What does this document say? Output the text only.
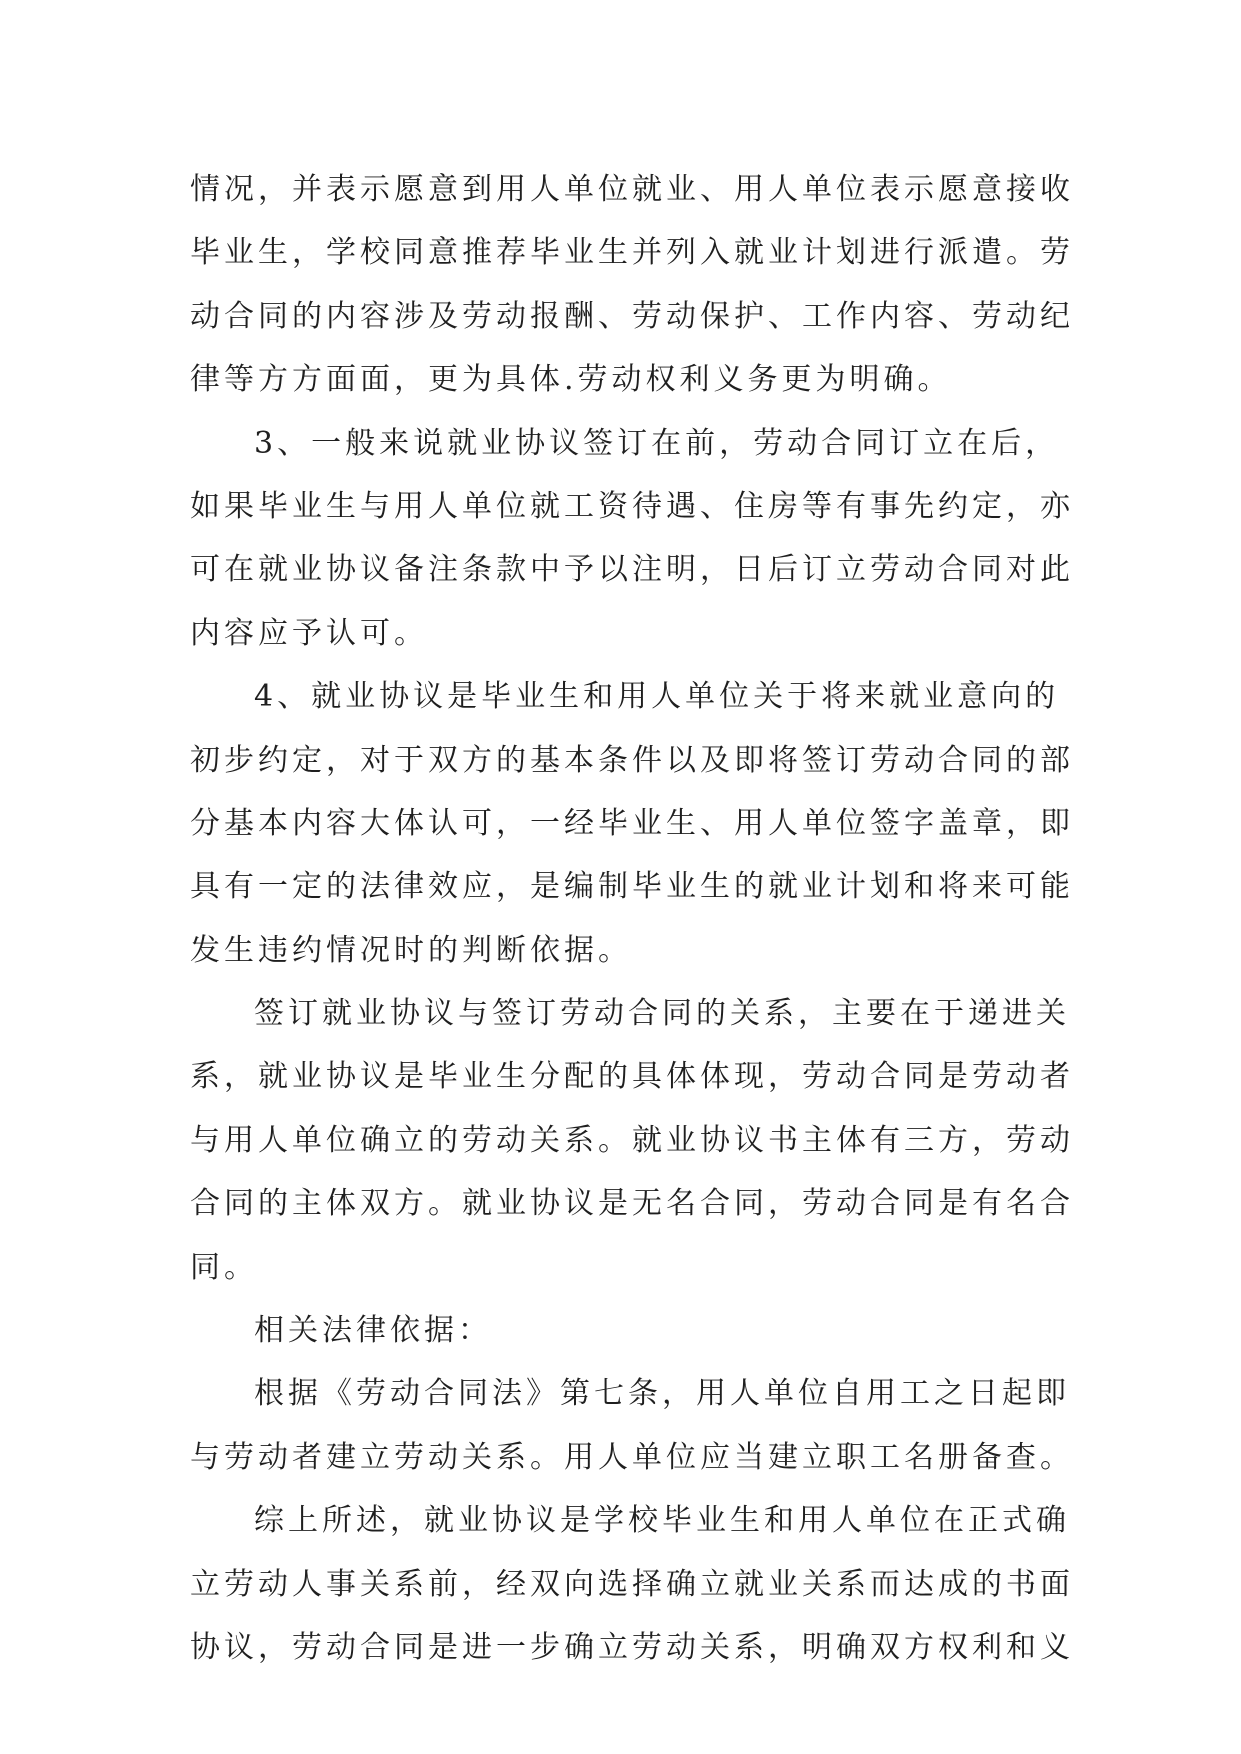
情况，并表示愿意到用人单位就业、用人单位表示愿意接收
毕业生，学校同意推荐毕业生并列入就业计划进行派遣。劳
动合同的内容涉及劳动报酬、劳动保护、工作内容、劳动纪
律等方方面面，更为具体.劳动权利义务更为明确。
3、一般来说就业协议签订在前，劳动合同订立在后，
如果毕业生与用人单位就工资待遇、住房等有事先约定，亦
可在就业协议备注条款中予以注明，日后订立劳动合同对此
内容应予认可。
4、就业协议是毕业生和用人单位关于将来就业意向的
初步约定，对于双方的基本条件以及即将签订劳动合同的部
分基本内容大体认可，一经毕业生、用人单位签字盖章，即
具有一定的法律效应，是编制毕业生的就业计划和将来可能
发生违约情况时的判断依据。
签订就业协议与签订劳动合同的关系，主要在于递进关
系，就业协议是毕业生分配的具体体现，劳动合同是劳动者
与用人单位确立的劳动关系。就业协议书主体有三方，劳动
合同的主体双方。就业协议是无名合同，劳动合同是有名合
同。
相关法律依据：
根据《劳动合同法》第七条，用人单位自用工之日起即
与劳动者建立劳动关系。用人单位应当建立职工名册备查。
综上所述，就业协议是学校毕业生和用人单位在正式确
立劳动人事关系前，经双向选择确立就业关系而达成的书面
协议，劳动合同是进一步确立劳动关系，明确双方权利和义
